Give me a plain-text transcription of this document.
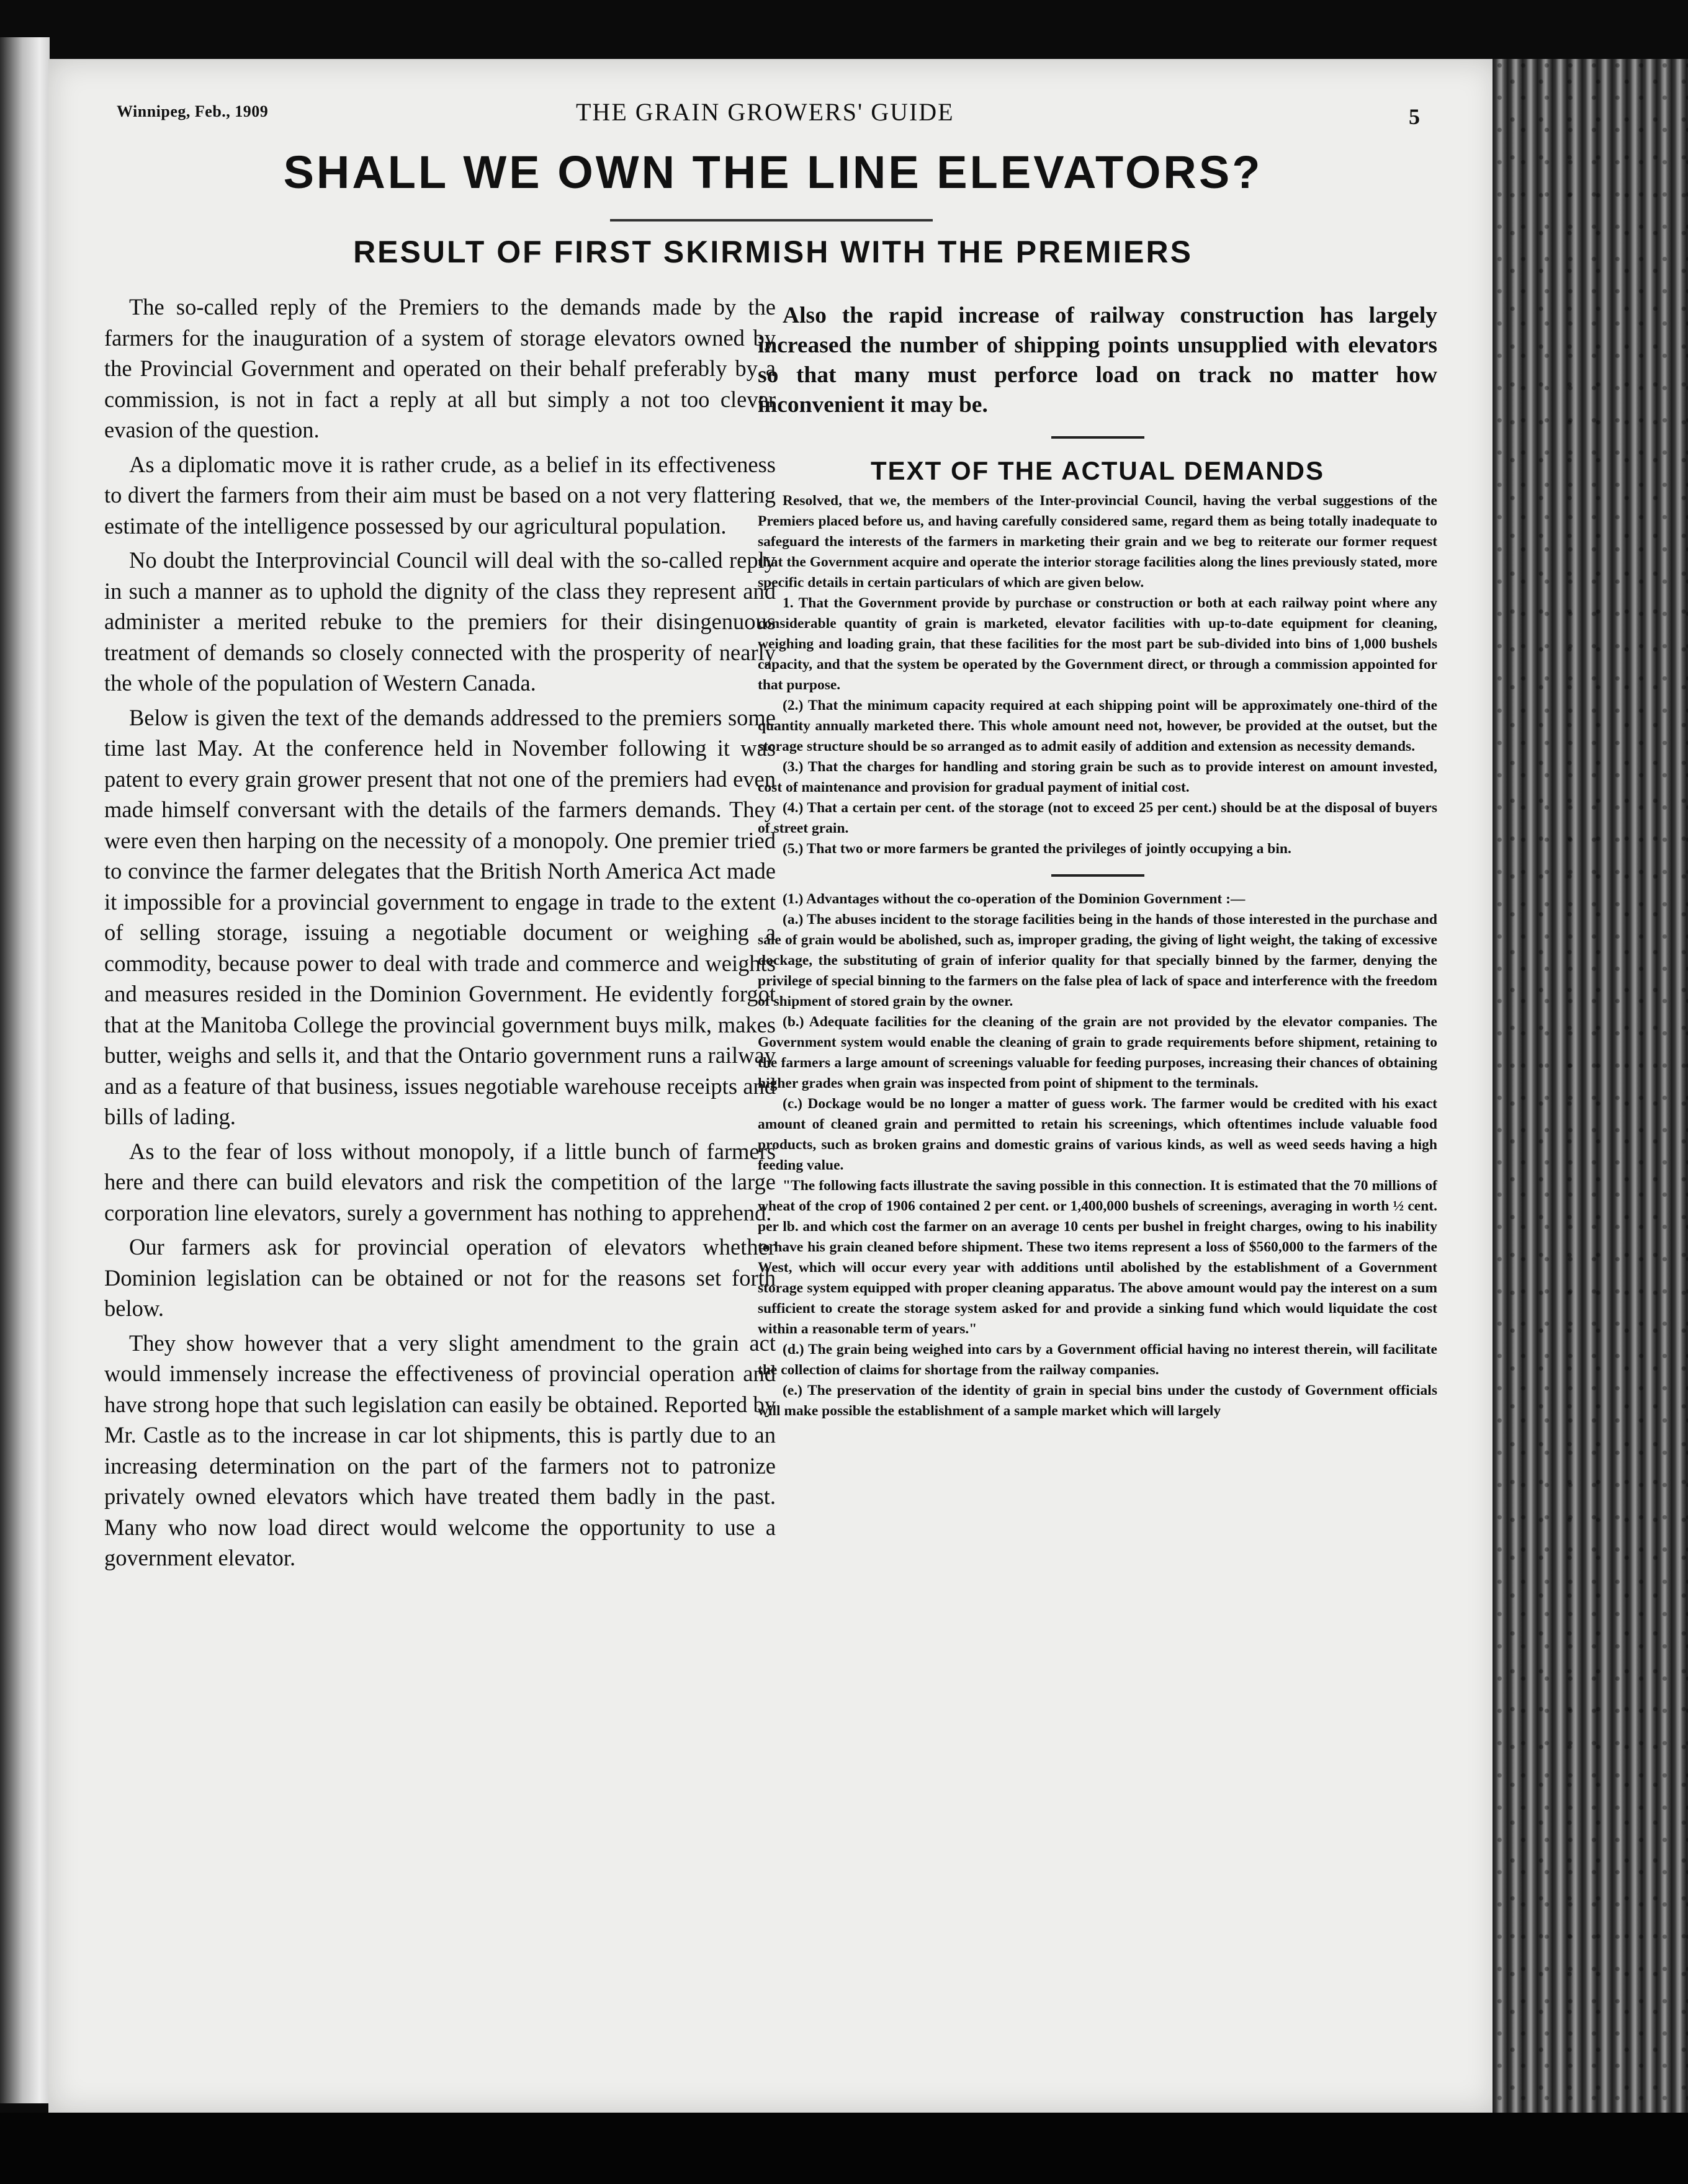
Winnipeg, Feb., 1909	THE GRAIN GROWERS' GUIDE	5
SHALL WE OWN THE LINE ELEVATORS?
RESULT OF FIRST SKIRMISH WITH THE PREMIERS

The so-called reply of the Premiers to the demands made by the farmers for the inauguration of a system of storage elevators owned by the Provincial Government and operated on their behalf preferably by a commission, is not in fact a reply at all but simply a not too clever evasion of the question.

As a diplomatic move it is rather crude, as a belief in its effectiveness to divert the farmers from their aim must be based on a not very flattering estimate of the intelligence possessed by our agricultural population.

No doubt the Interprovincial Council will deal with the so-called reply in such a manner as to uphold the dignity of the class they represent and administer a merited rebuke to the premiers for their disingenuous treatment of demands so closely connected with the prosperity of nearly the whole of the population of Western Canada.

Below is given the text of the demands addressed to the premiers some time last May. At the conference held in November following it was patent to every grain grower present that not one of the premiers had even made himself conversant with the details of the farmers demands. They were even then harping on the necessity of a monopoly. One premier tried to convince the farmer delegates that the British North America Act made it impossible for a provincial government to engage in trade to the extent of selling storage, issuing a negotiable document or weighing a commodity, because power to deal with trade and commerce and weights and measures resided in the Dominion Government. He evidently forgot that at the Manitoba College the provincial government buys milk, makes butter, weighs and sells it, and that the Ontario government runs a railway and as a feature of that business, issues negotiable warehouse receipts and bills of lading.

As to the fear of loss without monopoly, if a little bunch of farmers here and there can build elevators and risk the competition of the large corporation line elevators, surely a government has nothing to apprehend.

Our farmers ask for provincial operation of elevators whether Dominion legislation can be obtained or not for the reasons set forth below.

They show however that a very slight amendment to the grain act would immensely increase the effectiveness of provincial operation and have strong hope that such legislation can easily be obtained. Reported by Mr. Castle as to the increase in car lot shipments, this is partly due to an increasing determination on the part of the farmers not to patronize privately owned elevators which have treated them badly in the past. Many who now load direct would welcome the opportunity to use a government elevator.

Also the rapid increase of railway construction has largely increased the number of shipping points unsupplied with elevators so that many must perforce load on track no matter how inconvenient it may be.

TEXT OF THE ACTUAL DEMANDS

Resolved, that we, the members of the Inter-provincial Council, having the verbal suggestions of the Premiers placed before us, and having carefully considered same, regard them as being totally inadequate to safeguard the interests of the farmers in marketing their grain and we beg to reiterate our former request that the Government acquire and operate the interior storage facilities along the lines previously stated, more specific details in certain particulars of which are given below.

1. That the Government provide by purchase or construction or both at each railway point where any considerable quantity of grain is marketed, elevator facilities with up-to-date equipment for cleaning, weighing and loading grain, that these facilities for the most part be sub-divided into bins of 1,000 bushels capacity, and that the system be operated by the Government direct, or through a commission appointed for that purpose.

(2.) That the minimum capacity required at each shipping point will be approximately one-third of the quantity annually marketed there. This whole amount need not, however, be provided at the outset, but the storage structure should be so arranged as to admit easily of addition and extension as necessity demands.

(3.) That the charges for handling and storing grain be such as to provide interest on amount invested, cost of maintenance and provision for gradual payment of initial cost.

(4.) That a certain per cent. of the storage (not to exceed 25 per cent.) should be at the disposal of buyers of street grain.

(5.) That two or more farmers be granted the privileges of jointly occupying a bin.

(1.) Advantages without the co-operation of the Dominion Government :—

(a.) The abuses incident to the storage facilities being in the hands of those interested in the purchase and sale of grain would be abolished, such as, improper grading, the giving of light weight, the taking of excessive dockage, the substituting of grain of inferior quality for that specially binned by the farmer, denying the privilege of special binning to the farmers on the false plea of lack of space and interference with the freedom of shipment of stored grain by the owner.

(b.) Adequate facilities for the cleaning of the grain are not provided by the elevator companies. The Government system would enable the cleaning of grain to grade requirements before shipment, retaining to the farmers a large amount of screenings valuable for feeding purposes, increasing their chances of obtaining higher grades when grain was inspected from point of shipment to the terminals.

(c.) Dockage would be no longer a matter of guess work. The farmer would be credited with his exact amount of cleaned grain and permitted to retain his screenings, which oftentimes include valuable food products, such as broken grains and domestic grains of various kinds, as well as weed seeds having a high feeding value.

"The following facts illustrate the saving possible in this connection. It is estimated that the 70 millions of wheat of the crop of 1906 contained 2 per cent. or 1,400,000 bushels of screenings, averaging in worth ½ cent. per lb. and which cost the farmer on an average 10 cents per bushel in freight charges, owing to his inability to have his grain cleaned before shipment. These two items represent a loss of $560,000 to the farmers of the West, which will occur every year with additions until abolished by the establishment of a Government storage system equipped with proper cleaning apparatus. The above amount would pay the interest on a sum sufficient to create the storage system asked for and provide a sinking fund which would liquidate the cost within a reasonable term of years."

(d.) The grain being weighed into cars by a Government official having no interest therein, will facilitate the collection of claims for shortage from the railway companies.

(e.) The preservation of the identity of grain in special bins under the custody of Government officials will make possible the establishment of a sample market which will largely
